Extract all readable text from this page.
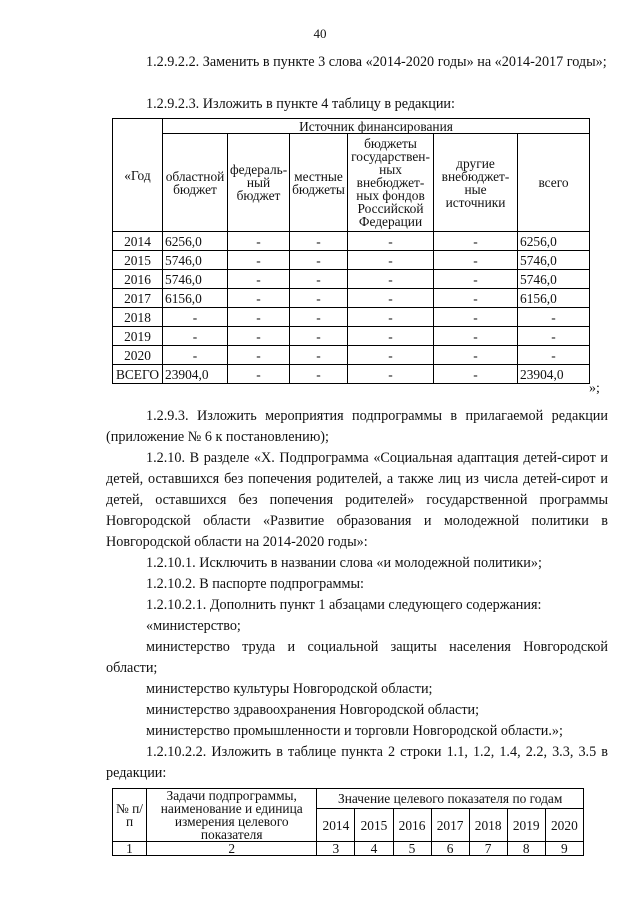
40

1.2.9.2.2. Заменить в пункте 3 слова «2014-2020 годы» на «2014-2017 годы»;

1.2.9.2.3. Изложить в пункте 4 таблицу в редакции:

«Год	Источник финансирования					
	областной бюджет	федераль-ный бюджет	местные бюджеты	бюджеты государствен-ных внебюджет-ных фондов Российской Федерации	другие внебюджет-ные источники	всего
2014	6256,0	-	-	-	-	6256,0
2015	5746,0	-	-	-	-	5746,0
2016	5746,0	-	-	-	-	5746,0
2017	6156,0	-	-	-	-	6156,0
2018	-	-	-	-	-	-
2019	-	-	-	-	-	-
2020	-	-	-	-	-	-
ВСЕГО	23904,0	-	-	-	-	23904,0
»;

1.2.9.3. Изложить мероприятия подпрограммы в прилагаемой редакции (приложение № 6 к постановлению);

1.2.10. В разделе «X. Подпрограмма «Социальная адаптация детей-сирот и детей, оставшихся без попечения родителей, а также лиц из числа детей-сирот и детей, оставшихся без попечения родителей» государственной программы Новгородской области «Развитие образования и молодежной политики в Новгородской области на 2014-2020 годы»:

1.2.10.1. Исключить в названии слова «и молодежной политики»;

1.2.10.2. В паспорте подпрограммы:

1.2.10.2.1. Дополнить пункт 1 абзацами следующего содержания:

«министерство;

министерство труда и социальной защиты населения Новгородской области;

министерство культуры Новгородской области;

министерство здравоохранения Новгородской области;

министерство промышленности и торговли Новгородской области.»;

1.2.10.2.2. Изложить в таблице пункта 2 строки 1.1, 1.2, 1.4, 2.2, 3.3, 3.5 в редакции:

№ п/п	Задачи подпрограммы, наименование и единица измерения целевого показателя	Значение целевого показателя по годам						
		2014	2015	2016	2017	2018	2019	2020
1	2	3	4	5	6	7	8	9
